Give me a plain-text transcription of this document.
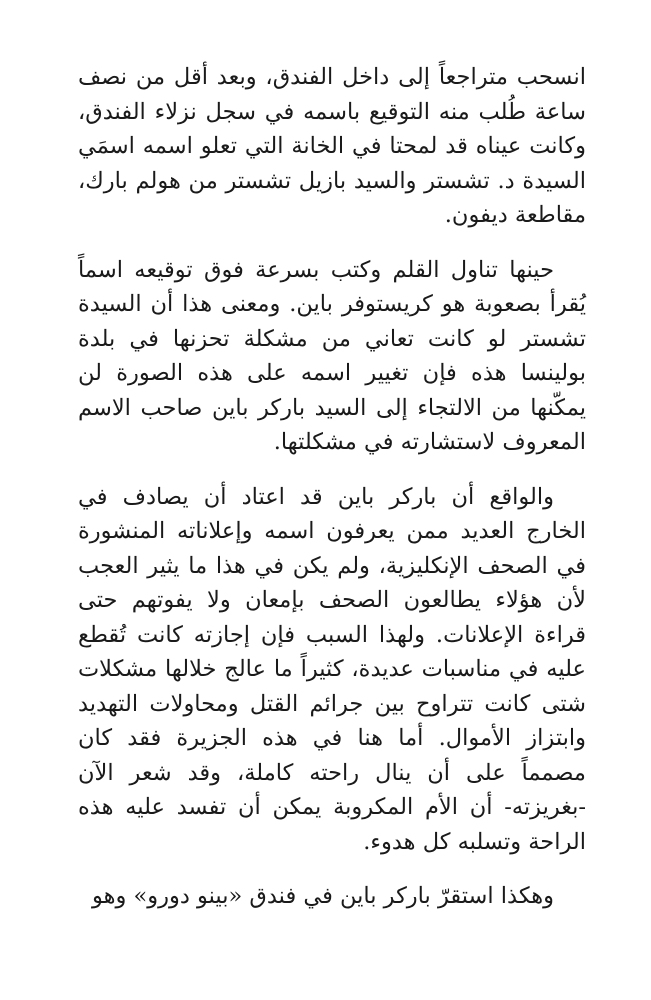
انسحب متراجعاً إلى داخل الفندق، وبعد أقل من نصف ساعة طُلب منه التوقيع باسمه في سجل نزلاء الفندق، وكانت عيناه قد لمحتا في الخانة التي تعلو اسمه اسمَي السيدة د. تشستر والسيد بازيل تشستر من هولم بارك، مقاطعة ديفون.

حينها تناول القلم وكتب بسرعة فوق توقيعه اسماً يُقرأ بصعوبة هو كريستوفر باين. ومعنى هذا أن السيدة تشستر لو كانت تعاني من مشكلة تحزنها في بلدة بولينسا هذه فإن تغيير اسمه على هذه الصورة لن يمكّنها من الالتجاء إلى السيد باركر باين صاحب الاسم المعروف لاستشارته في مشكلتها.

والواقع أن باركر باين قد اعتاد أن يصادف في الخارج العديد ممن يعرفون اسمه وإعلاناته المنشورة في الصحف الإنكليزية، ولم يكن في هذا ما يثير العجب لأن هؤلاء يطالعون الصحف بإمعان ولا يفوتهم حتى قراءة الإعلانات. ولهذا السبب فإن إجازته كانت تُقطع عليه في مناسبات عديدة، كثيراً ما عالج خلالها مشكلات شتى كانت تتراوح بين جرائم القتل ومحاولات التهديد وابتزاز الأموال. أما هنا في هذه الجزيرة فقد كان مصمماً على أن ينال راحته كاملة، وقد شعر الآن -بغريزته- أن الأم المكروبة يمكن أن تفسد عليه هذه الراحة وتسلبه كل هدوء.

وهكذا استقرّ باركر باين في فندق «بينو دورو» وهو
